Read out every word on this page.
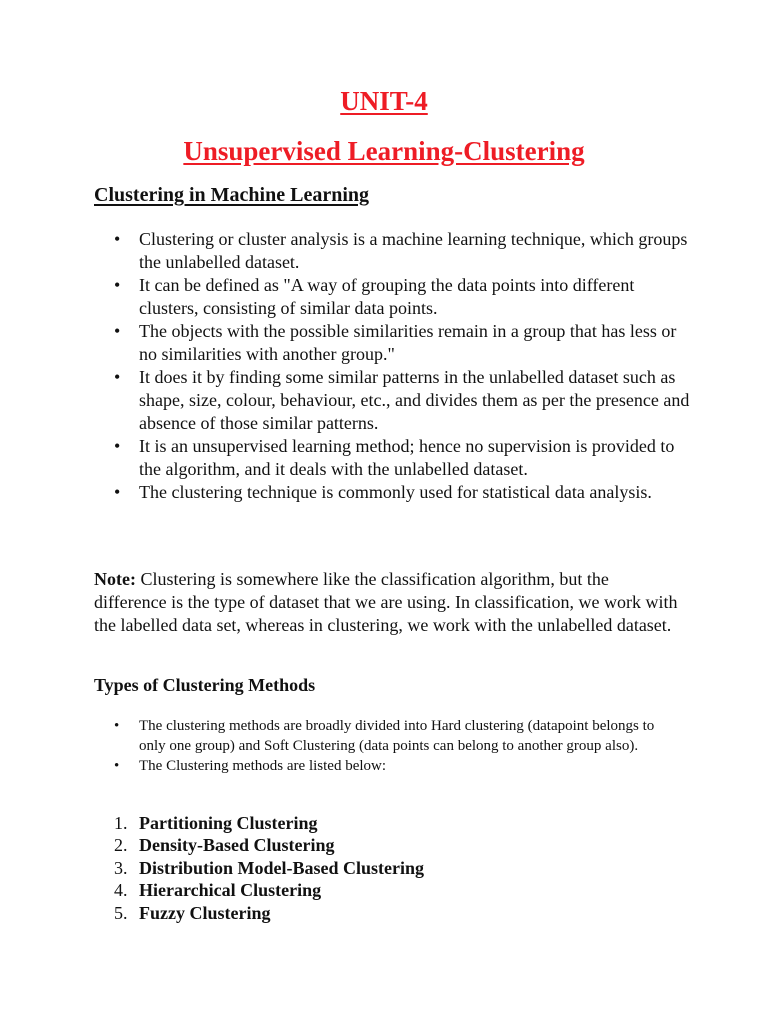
UNIT-4
Unsupervised Learning-Clustering
Clustering in Machine Learning
• Clustering or cluster analysis is a machine learning technique, which groups the unlabelled dataset.
• It can be defined as "A way of grouping the data points into different clusters, consisting of similar data points.
• The objects with the possible similarities remain in a group that has less or no similarities with another group."
• It does it by finding some similar patterns in the unlabelled dataset such as shape, size, colour, behaviour, etc., and divides them as per the presence and absence of those similar patterns.
• It is an unsupervised learning method; hence no supervision is provided to the algorithm, and it deals with the unlabelled dataset.
• The clustering technique is commonly used for statistical data analysis.

Note: Clustering is somewhere like the classification algorithm, but the difference is the type of dataset that we are using. In classification, we work with the labelled data set, whereas in clustering, we work with the unlabelled dataset.

Types of Clustering Methods
• The clustering methods are broadly divided into Hard clustering (datapoint belongs to only one group) and Soft Clustering (data points can belong to another group also).
• The Clustering methods are listed below:
1. Partitioning Clustering
2. Density-Based Clustering
3. Distribution Model-Based Clustering
4. Hierarchical Clustering
5. Fuzzy Clustering
